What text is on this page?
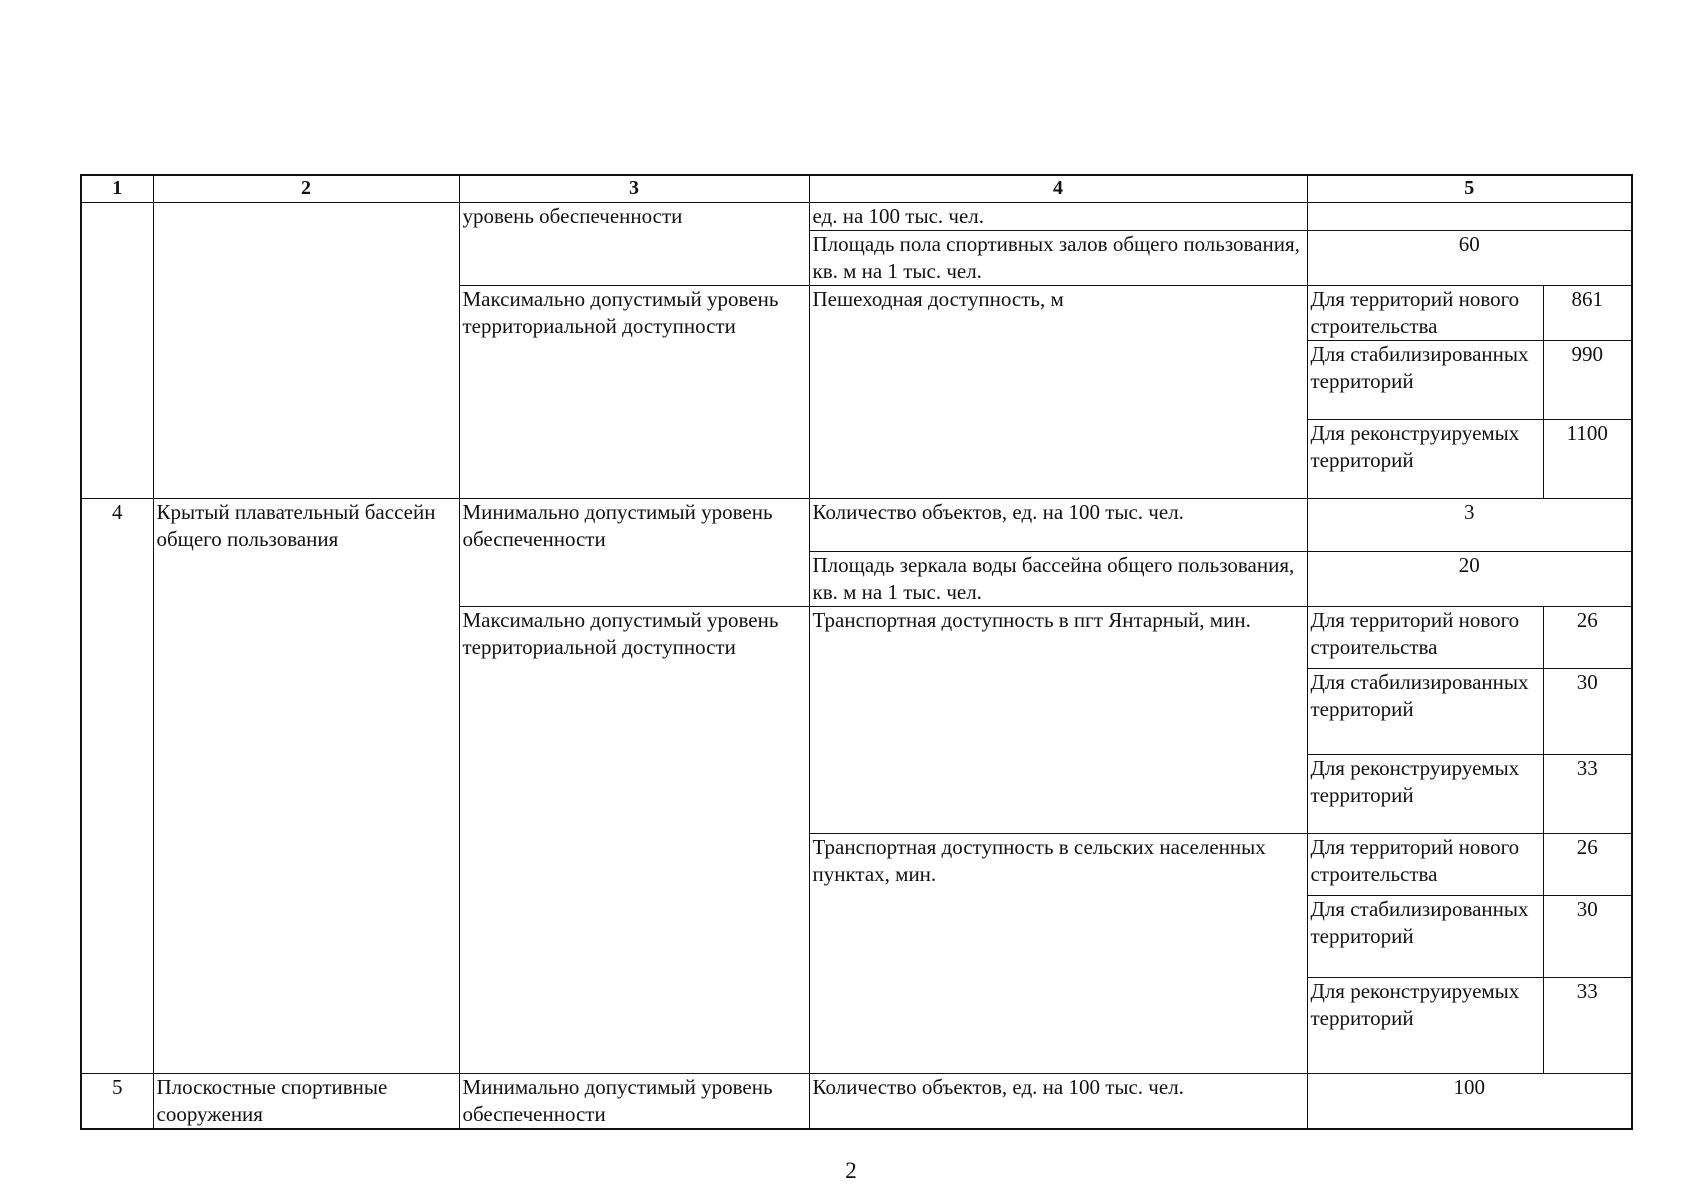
1	2	3	4	5	
		уровень обеспеченности	ед. на 100 тыс. чел.		
			Площадь пола спортивных залов общего пользования, кв. м на 1 тыс. чел.	60	
		Максимально допустимый уровень территориальной доступности	Пешеходная доступность, м	Для территорий нового строительства	861
				Для стабилизированных территорий	990
				Для реконструируемых территорий	1100
4	Крытый плавательный бассейн общего пользования	Минимально допустимый уровень обеспеченности	Количество объектов, ед. на 100 тыс. чел.	3	
			Площадь зеркала воды бассейна общего пользования, кв. м на 1 тыс. чел.	20	
		Максимально допустимый уровень территориальной доступности	Транспортная доступность в пгт Янтарный, мин.	Для территорий нового строительства	26
				Для стабилизированных территорий	30
				Для реконструируемых территорий	33
			Транспортная доступность в сельских населенных пунктах, мин.	Для территорий нового строительства	26
				Для стабилизированных территорий	30
				Для реконструируемых территорий	33
5	Плоскостные спортивные сооружения	Минимально допустимый уровень обеспеченности	Количество объектов, ед. на 100 тыс. чел.	100	
2
